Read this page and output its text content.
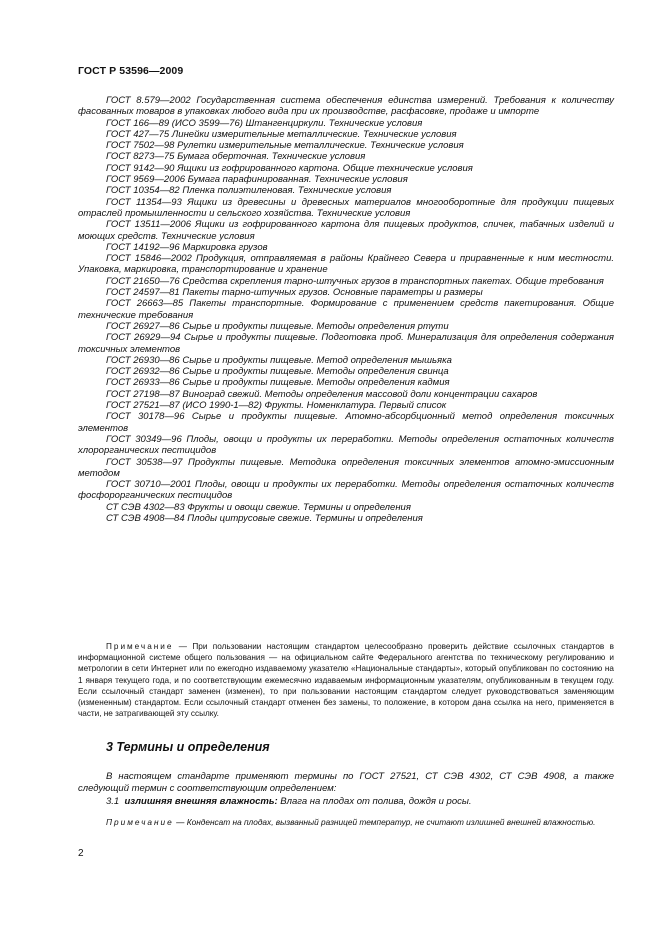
ГОСТ Р 53596—2009

ГОСТ 8.579—2002 Государственная система обеспечения единства измерений. Требования к количеству фасованных товаров в упаковках любого вида при их производстве, расфасовке, продаже и импорте

ГОСТ 166—89 (ИСО 3599—76) Штангенциркули. Технические условия

ГОСТ 427—75 Линейки измерительные металлические. Технические условия

ГОСТ 7502—98 Рулетки измерительные металлические. Технические условия

ГОСТ 8273—75 Бумага оберточная. Технические условия

ГОСТ 9142—90 Ящики из гофрированного картона. Общие технические условия

ГОСТ 9569—2006 Бумага парафинированная. Технические условия

ГОСТ 10354—82 Пленка полиэтиленовая. Технические условия

ГОСТ 11354—93 Ящики из древесины и древесных материалов многооборотные для продукции пищевых отраслей промышленности и сельского хозяйства. Технические условия

ГОСТ 13511—2006 Ящики из гофрированного картона для пищевых продуктов, спичек, табачных изделий и моющих средств. Технические условия

ГОСТ 14192—96 Маркировка грузов

ГОСТ 15846—2002 Продукция, отправляемая в районы Крайнего Севера и приравненные к ним местности. Упаковка, маркировка, транспортирование и хранение

ГОСТ 21650—76 Средства скрепления тарно-штучных грузов в транспортных пакетах. Общие требования

ГОСТ 24597—81 Пакеты тарно-штучных грузов. Основные параметры и размеры

ГОСТ 26663—85 Пакеты транспортные. Формирование с применением средств пакетирования. Общие технические требования

ГОСТ 26927—86 Сырье и продукты пищевые. Методы определения ртути

ГОСТ 26929—94 Сырье и продукты пищевые. Подготовка проб. Минерализация для определения содержания токсичных элементов

ГОСТ 26930—86 Сырье и продукты пищевые. Метод определения мышьяка

ГОСТ 26932—86 Сырье и продукты пищевые. Методы определения свинца

ГОСТ 26933—86 Сырье и продукты пищевые. Методы определения кадмия

ГОСТ 27198—87 Виноград свежий. Методы определения массовой доли концентрации сахаров

ГОСТ 27521—87 (ИСО 1990-1—82) Фрукты. Номенклатура. Первый список

ГОСТ 30178—96 Сырье и продукты пищевые. Атомно-абсорбционный метод определения токсичных элементов

ГОСТ 30349—96 Плоды, овощи и продукты их переработки. Методы определения остаточных количеств хлорорганических пестицидов

ГОСТ 30538—97 Продукты пищевые. Методика определения токсичных элементов атомно-эмиссионным методом

ГОСТ 30710—2001 Плоды, овощи и продукты их переработки. Методы определения остаточных количеств фосфорорганических пестицидов

СТ СЭВ 4302—83 Фрукты и овощи свежие. Термины и определения

СТ СЭВ 4908—84 Плоды цитрусовые свежие. Термины и определения

Примечание — При пользовании настоящим стандартом целесообразно проверить действие ссылочных стандартов в информационной системе общего пользования — на официальном сайте Федерального агентства по техническому регулированию и метрологии в сети Интернет или по ежегодно издаваемому указателю «Национальные стандарты», который опубликован по состоянию на 1 января текущего года, и по соответствующим ежемесячно издаваемым информационным указателям, опубликованным в текущем году. Если ссылочный стандарт заменен (изменен), то при пользовании настоящим стандартом следует руководствоваться заменяющим (измененным) стандартом. Если ссылочный стандарт отменен без замены, то положение, в котором дана ссылка на него, применяется в части, не затрагивающей эту ссылку.

3 Термины и определения

В настоящем стандарте применяют термины по ГОСТ 27521, СТ СЭВ 4302, СТ СЭВ 4908, а также следующий термин с соответствующим определением:

3.1 излишняя внешняя влажность: Влага на плодах от полива, дождя и росы.

Примечание — Конденсат на плодах, вызванный разницей температур, не считают излишней внешней влажностью.

2
